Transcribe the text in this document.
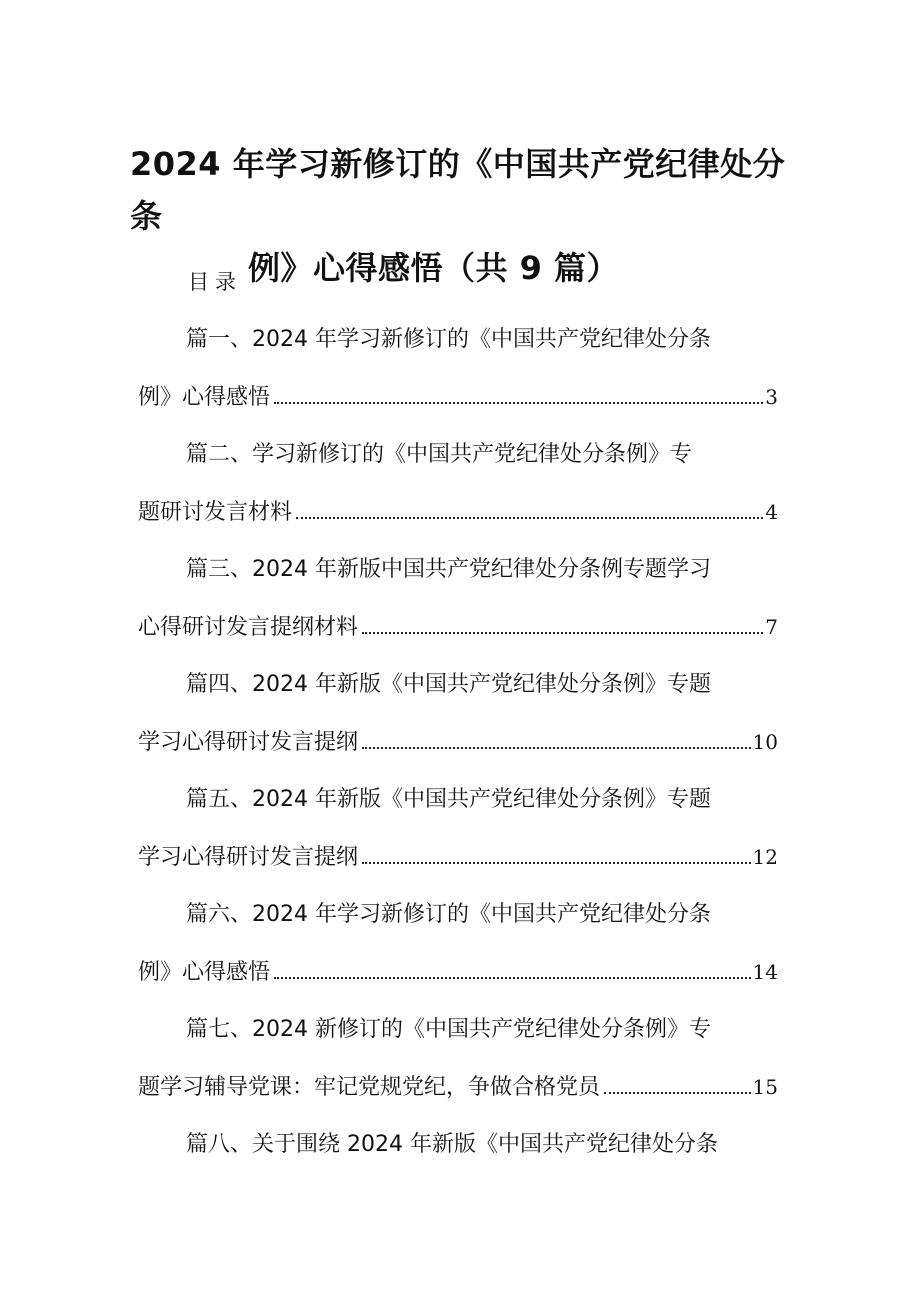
2024 年学习新修订的《中国共产党纪律处分条
例》心得感悟（共 9 篇）
目录
篇一、2024 年学习新修订的《中国共产党纪律处分条
例》心得感悟	3
篇二、学习新修订的《中国共产党纪律处分条例》专
题研讨发言材料	4
篇三、2024 年新版中国共产党纪律处分条例专题学习
心得研讨发言提纲材料	7
篇四、2024 年新版《中国共产党纪律处分条例》专题
学习心得研讨发言提纲	10
篇五、2024 年新版《中国共产党纪律处分条例》专题
学习心得研讨发言提纲	12
篇六、2024 年学习新修订的《中国共产党纪律处分条
例》心得感悟	14
篇七、2024 新修订的《中国共产党纪律处分条例》专
题学习辅导党课：牢记党规党纪，争做合格党员	15
篇八、关于围绕 2024 年新版《中国共产党纪律处分条
